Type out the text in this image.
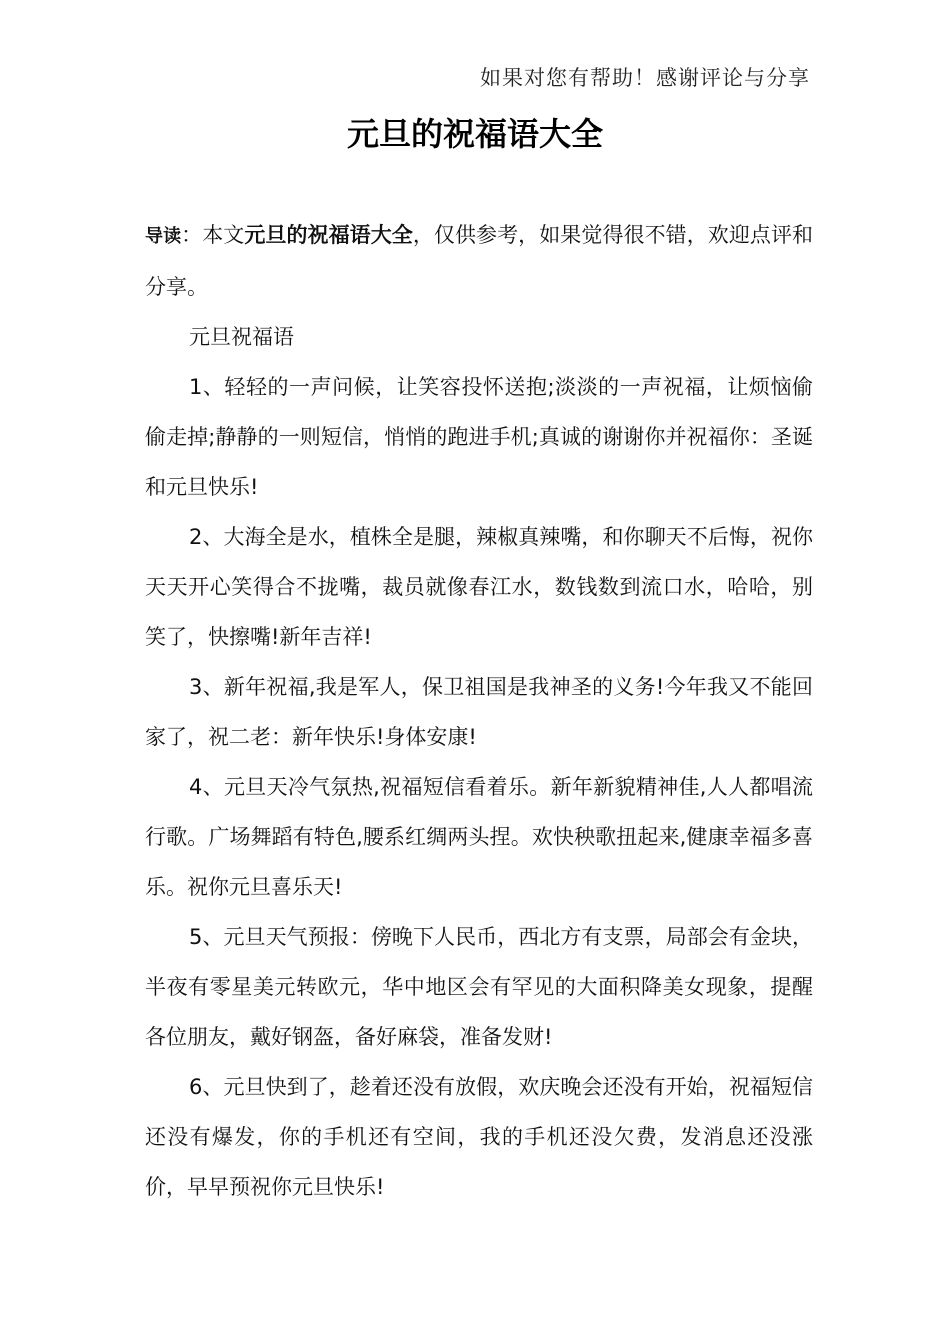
如果对您有帮助！感谢评论与分享
元旦的祝福语大全

导读：本文元旦的祝福语大全，仅供参考，如果觉得很不错，欢迎点评和分享。

元旦祝福语

1、轻轻的一声问候，让笑容投怀送抱;淡淡的一声祝福，让烦恼偷偷走掉;静静的一则短信，悄悄的跑进手机;真诚的谢谢你并祝福你：圣诞和元旦快乐!

2、大海全是水，植株全是腿，辣椒真辣嘴，和你聊天不后悔，祝你天天开心笑得合不拢嘴，裁员就像春江水，数钱数到流口水，哈哈，别笑了，快擦嘴!新年吉祥!

3、新年祝福,我是军人，保卫祖国是我神圣的义务!今年我又不能回家了，祝二老：新年快乐!身体安康!

4、元旦天冷气氛热,祝福短信看着乐。新年新貌精神佳,人人都唱流行歌。广场舞蹈有特色,腰系红绸两头捏。欢快秧歌扭起来,健康幸福多喜乐。祝你元旦喜乐天!

5、元旦天气预报：傍晚下人民币，西北方有支票，局部会有金块，半夜有零星美元转欧元，华中地区会有罕见的大面积降美女现象，提醒各位朋友，戴好钢盔，备好麻袋，准备发财!

6、元旦快到了，趁着还没有放假，欢庆晚会还没有开始，祝福短信还没有爆发，你的手机还有空间，我的手机还没欠费，发消息还没涨价，早早预祝你元旦快乐!
